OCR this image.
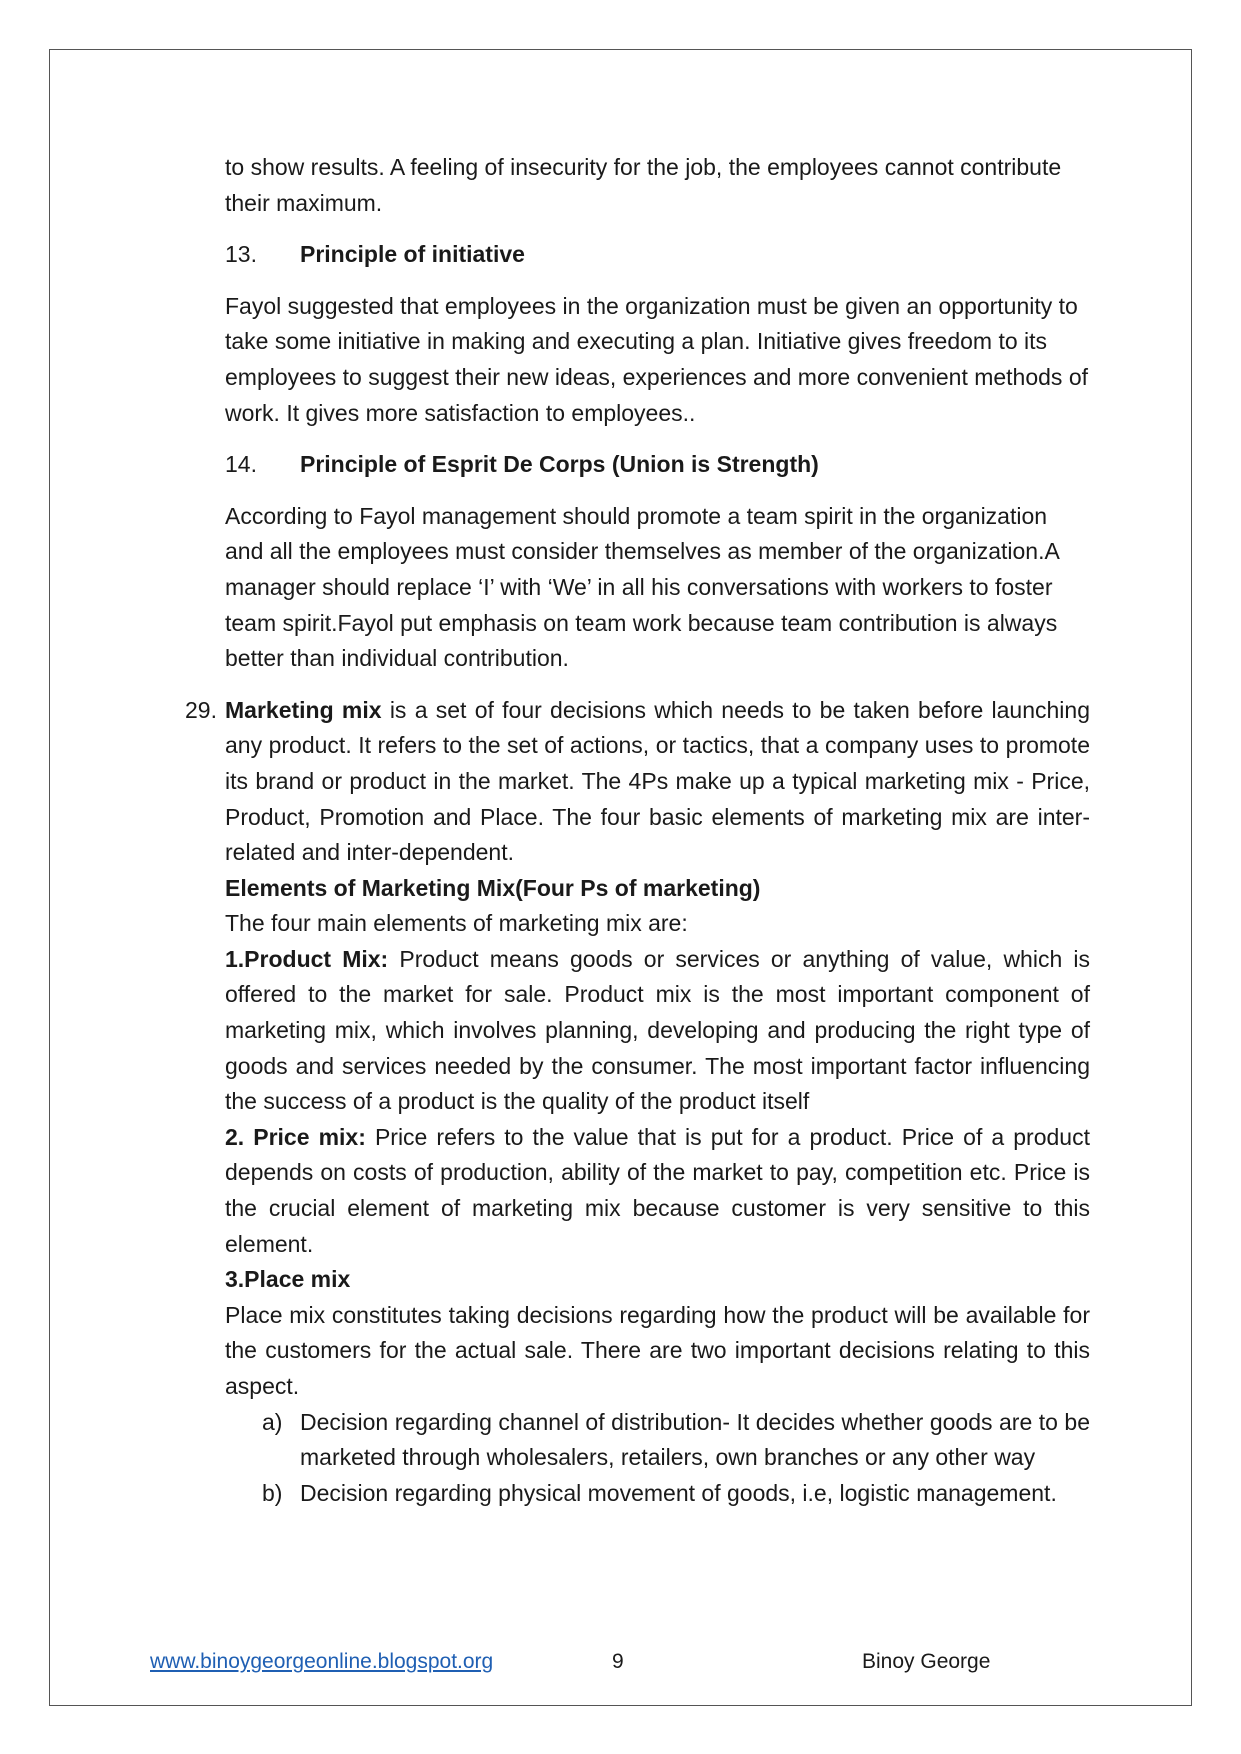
to show results. A feeling of insecurity for the job, the employees cannot contribute their maximum.

13.	Principle of initiative

Fayol suggested that employees in the organization must be given an opportunity to take some initiative in making and executing a plan. Initiative gives freedom to its employees to suggest their new ideas, experiences and more convenient methods of work. It gives more satisfaction to employees..

14.	Principle of Esprit De Corps (Union is Strength)

According to Fayol management should promote a team spirit in the organization and all the employees must consider themselves as member of the organization.A manager should replace ‘I’ with ‘We’ in all his conversations with workers to foster team spirit.Fayol put emphasis on team work because team contribution is always better than individual contribution.

29. Marketing mix is a set of four decisions which needs to be taken before launching any product. It refers to the set of actions, or tactics, that a company uses to promote its brand or product in the market. The 4Ps make up a typical marketing mix - Price, Product, Promotion and Place. The four basic elements of marketing mix are inter-related and inter-dependent.

Elements of Marketing Mix(Four Ps of marketing)

The four main elements of marketing mix are:

1.Product Mix: Product means goods or services or anything of value, which is offered to the market for sale. Product mix is the most important component of marketing mix, which involves planning, developing and producing the right type of goods and services needed by the consumer. The most important factor influencing the success of a product is the quality of the product itself

2. Price mix: Price refers to the value that is put for a product. Price of a product depends on costs of production, ability of the market to pay, competition etc. Price is the crucial element of marketing mix because customer is very sensitive to this element.

3.Place mix

Place mix constitutes taking decisions regarding how the product will be available for the customers for the actual sale. There are two important decisions relating to this aspect.

a) Decision regarding channel of distribution- It decides whether goods are to be marketed through wholesalers, retailers, own branches or any other way
b) Decision regarding physical movement of goods, i.e, logistic management.
www.binoygeorgeonline.blogspot.org	9	Binoy George
